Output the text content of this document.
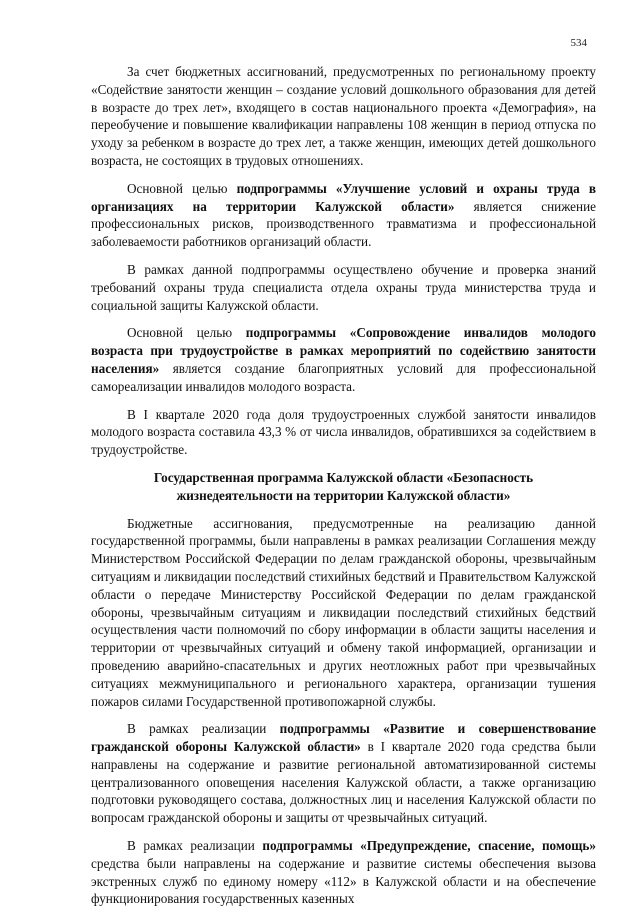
534

За счет бюджетных ассигнований, предусмотренных по региональному проекту «Содействие занятости женщин – создание условий дошкольного образования для детей в возрасте до трех лет», входящего в состав национального проекта «Демография», на переобучение и повышение квалификации направлены 108 женщин в период отпуска по уходу за ребенком в возрасте до трех лет, а также женщин, имеющих детей дошкольного возраста, не состоящих в трудовых отношениях.

Основной целью подпрограммы «Улучшение условий и охраны труда в организациях на территории Калужской области» является снижение профессиональных рисков, производственного травматизма и профессиональной заболеваемости работников организаций области.

В рамках данной подпрограммы осуществлено обучение и проверка знаний требований охраны труда специалиста отдела охраны труда министерства труда и социальной защиты Калужской области.

Основной целью подпрограммы «Сопровождение инвалидов молодого возраста при трудоустройстве в рамках мероприятий по содействию занятости населения» является создание благоприятных условий для профессиональной самореализации инвалидов молодого возраста.

В I квартале 2020 года доля трудоустроенных службой занятости инвалидов молодого возраста составила 43,3 % от числа инвалидов, обратившихся за содействием в трудоустройстве.

Государственная программа Калужской области «Безопасность жизнедеятельности на территории Калужской области»

Бюджетные ассигнования, предусмотренные на реализацию данной государственной программы, были направлены в рамках реализации Соглашения между Министерством Российской Федерации по делам гражданской обороны, чрезвычайным ситуациям и ликвидации последствий стихийных бедствий и Правительством Калужской области о передаче Министерству Российской Федерации по делам гражданской обороны, чрезвычайным ситуациям и ликвидации последствий стихийных бедствий осуществления части полномочий по сбору информации в области защиты населения и территории от чрезвычайных ситуаций и обмену такой информацией, организации и проведению аварийно-спасательных и других неотложных работ при чрезвычайных ситуациях межмуниципального и регионального характера, организации тушения пожаров силами Государственной противопожарной службы.

В рамках реализации подпрограммы «Развитие и совершенствование гражданской обороны Калужской области» в I квартале 2020 года средства были направлены на содержание и развитие региональной автоматизированной системы централизованного оповещения населения Калужской области, а также организацию подготовки руководящего состава, должностных лиц и населения Калужской области по вопросам гражданской обороны и защиты от чрезвычайных ситуаций.

В рамках реализации подпрограммы «Предупреждение, спасение, помощь» средства были направлены на содержание и развитие системы обеспечения вызова экстренных служб по единому номеру «112» в Калужской области и на обеспечение функционирования государственных казенных
